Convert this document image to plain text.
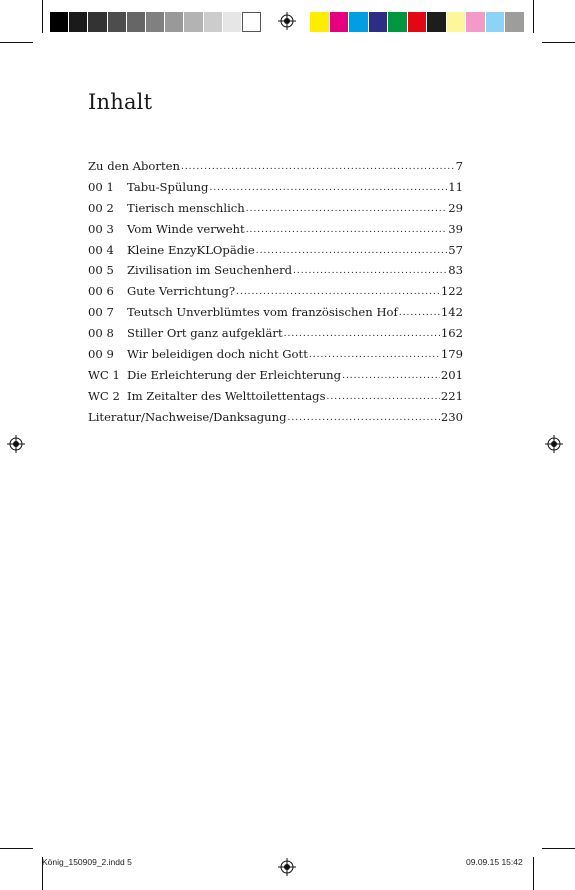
Inhalt
Zu den Aborten .....	7
00 1	Tabu-Spülung .....	11
00 2	Tierisch menschlich .....	29
00 3	Vom Winde verweht .....	39
00 4	Kleine EnzyKLOpädie .....	57
00 5	Zivilisation im Seuchenherd .....	83
00 6	Gute Verrichtung? .....	122
00 7	Teutsch Unverblümtes vom französischen Hof .....	142
00 8	Stiller Ort ganz aufgeklärt .....	162
00 9	Wir beleidigen doch nicht Gott .....	179
WC 1 Die Erleichterung der Erleichterung .....	201
WC 2 Im Zeitalter des Welttoilettentags .....	221
Literatur/Nachweise/Danksagung .....	230
König_150909_2.indd 5	09.09.15 15:42
